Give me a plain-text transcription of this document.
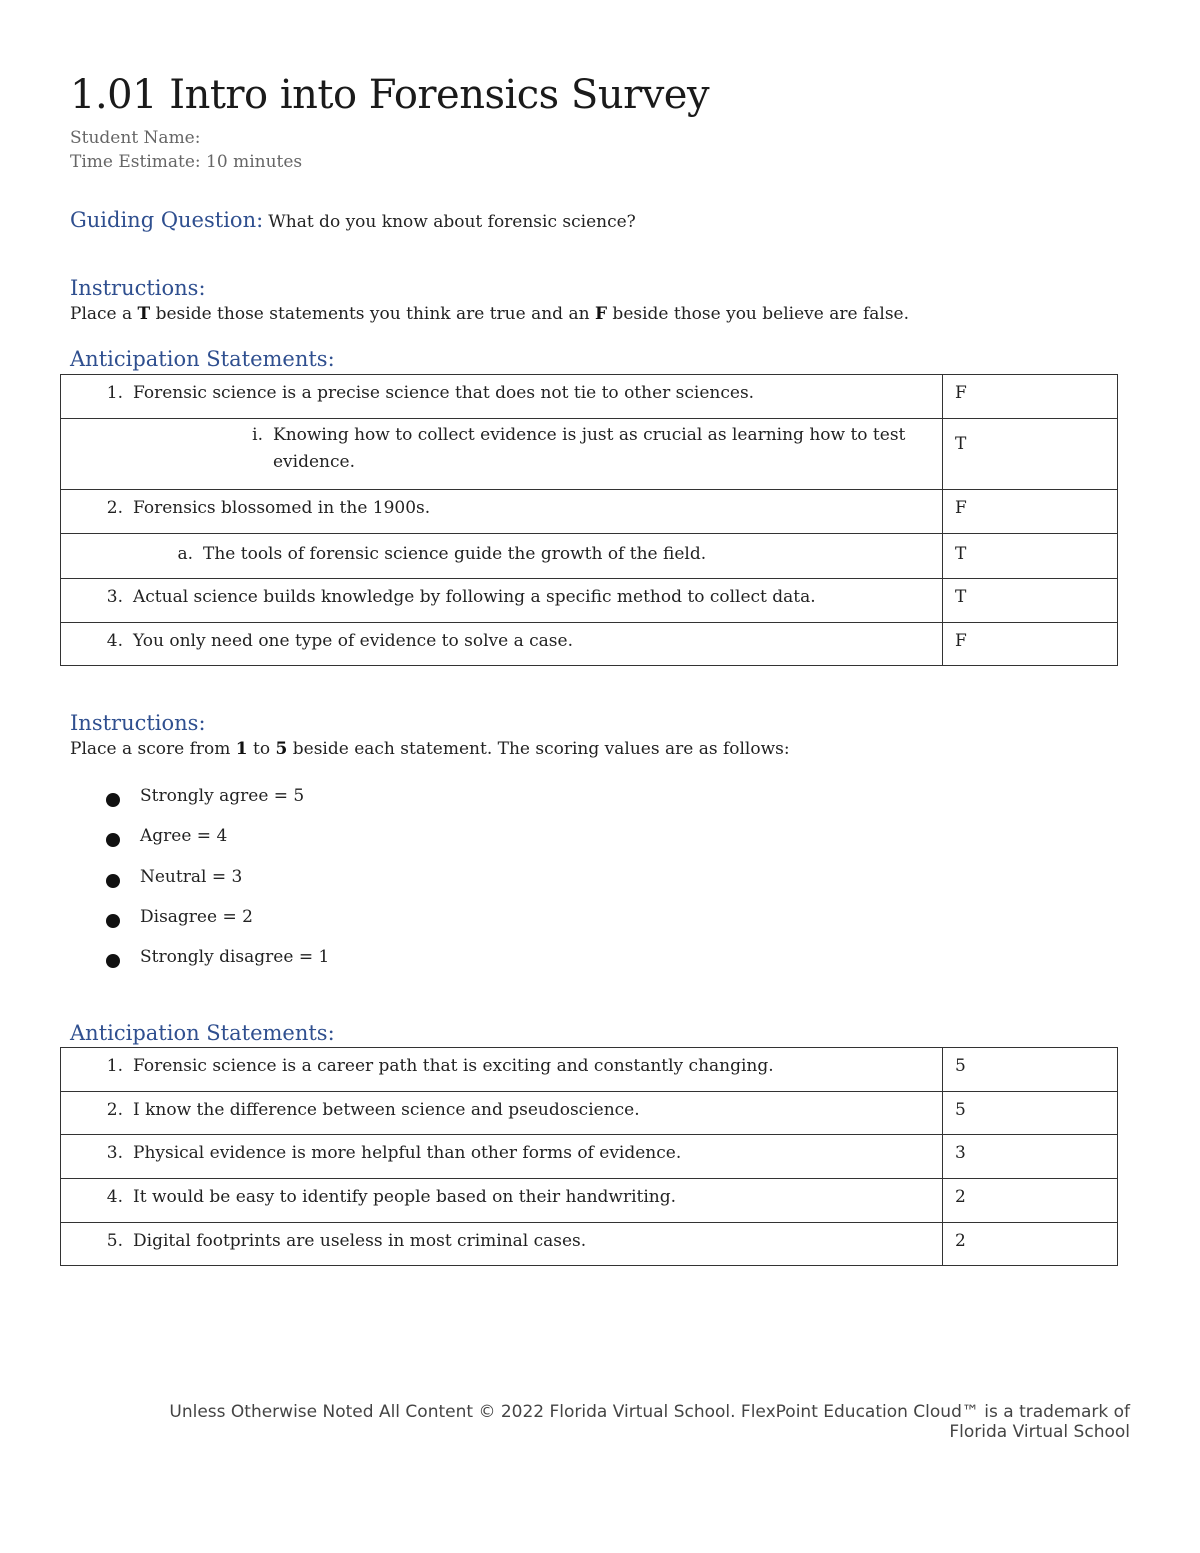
1.01 Intro into Forensics Survey
Student Name:
Time Estimate: 10 minutes
Guiding Question: What do you know about forensic science?
Instructions:
Place a T beside those statements you think are true and an F beside those you believe are false.
Anticipation Statements:
1. Forensic science is a precise science that does not tie to other sciences.	F

i. Knowing how to collect evidence is just as crucial as learning how to test evidence.	T

2. Forensics blossomed in the 1900s.	F

a. The tools of forensic science guide the growth of the field.	T

3. Actual science builds knowledge by following a specific method to collect data.	T

4. You only need one type of evidence to solve a case.	F
Instructions:
Place a score from 1 to 5 beside each statement. The scoring values are as follows:
Strongly agree = 5
Agree = 4
Neutral = 3
Disagree = 2
Strongly disagree = 1
Anticipation Statements:
1. Forensic science is a career path that is exciting and constantly changing.	5

2. I know the difference between science and pseudoscience.	5

3. Physical evidence is more helpful than other forms of evidence.	3

4. It would be easy to identify people based on their handwriting.	2

5. Digital footprints are useless in most criminal cases.	2
Unless Otherwise Noted All Content © 2022 Florida Virtual School. FlexPoint Education Cloud™ is a trademark of
Florida Virtual School
